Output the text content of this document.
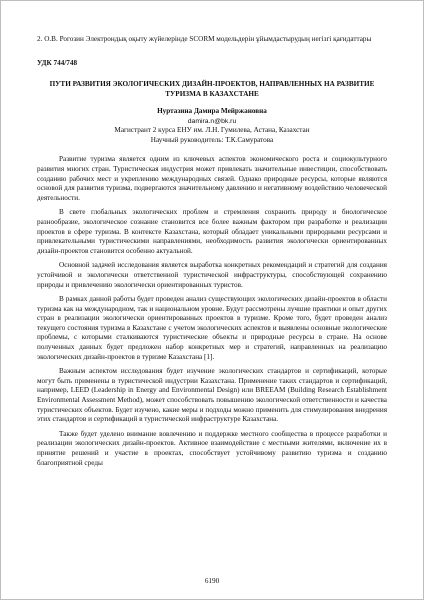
2. О.В. Рогозин Электрондық оқыту жүйелерінде SCORM модельдерін ұйымдастырудың негізгі қағидаттары

УДК 744/748

ПУТИ РАЗВИТИЯ ЭКОЛОГИЧЕСКИХ ДИЗАЙН-ПРОЕКТОВ, НАПРАВЛЕННЫХ НА РАЗВИТИЕ ТУРИЗМА В КАЗАХСТАНЕ

Нуртазина Дамира Мейржановна

damira.n@bk.ru

Магистрант 2 курса ЕНУ им. Л.Н. Гумилева, Астана, Казахстан

Научный руководитель: Т.К.Самуратова

Развитие туризма является одним из ключевых аспектов экономического роста и социокультурного развития многих стран. Туристическая индустрия может привлекать значительные инвестиции, способствовать созданию рабочих мест и укреплению международных связей. Однако природные ресурсы, которые являются основой для развития туризма, подвергаются значительному давлению и негативному воздействию человеческой деятельности.

В свете глобальных экологических проблем и стремления сохранить природу и биологическое разнообразие, экологическое сознание становится все более важным фактором при разработке и реализации проектов в сфере туризма. В контексте Казахстана, который обладает уникальными природными ресурсами и привлекательными туристическими направлениями, необходимость развития экологически ориентированных дизайн-проектов становится особенно актуальной.

Основной задачей исследования является выработка конкретных рекомендаций и стратегий для создания устойчивой и экологически ответственной туристической инфраструктуры, способствующей сохранению природы и привлечению экологически ориентированных туристов.

В рамках данной работы будет проведен анализ существующих экологических дизайн-проектов в области туризма как на международном, так и национальном уровне. Будут рассмотрены лучшие практики и опыт других стран в реализации экологически ориентированных проектов в туризме. Кроме того, будет проведен анализ текущего состояния туризма в Казахстане с учетом экологических аспектов и выявлены основные экологические проблемы, с которыми сталкиваются туристические объекты и природные ресурсы в стране. На основе полученных данных будет предложен набор конкретных мер и стратегий, направленных на реализацию экологических дизайн-проектов в туризме Казахстана [1].

Важным аспектом исследования будет изучение экологических стандартов и сертификаций, которые могут быть применены в туристической индустрии Казахстана. Применение таких стандартов и сертификаций, например, LEED (Leadership in Energy and Environmental Design) или BREEAM (Building Research Establishment Environmental Assessment Method), может способствовать повышению экологической ответственности и качества туристических объектов. Будет изучено, какие меры и подходы можно применить для стимулирования внедрения этих стандартов и сертификаций в туристической инфраструктуре Казахстана.

Также будет уделено внимание вовлечению и поддержке местного сообщества в процессе разработки и реализации экологических дизайн-проектов. Активное взаимодействие с местными жителями, включение их в принятие решений и участие в проектах, способствует устойчивому развитию туризма и созданию благоприятной среды

6190
